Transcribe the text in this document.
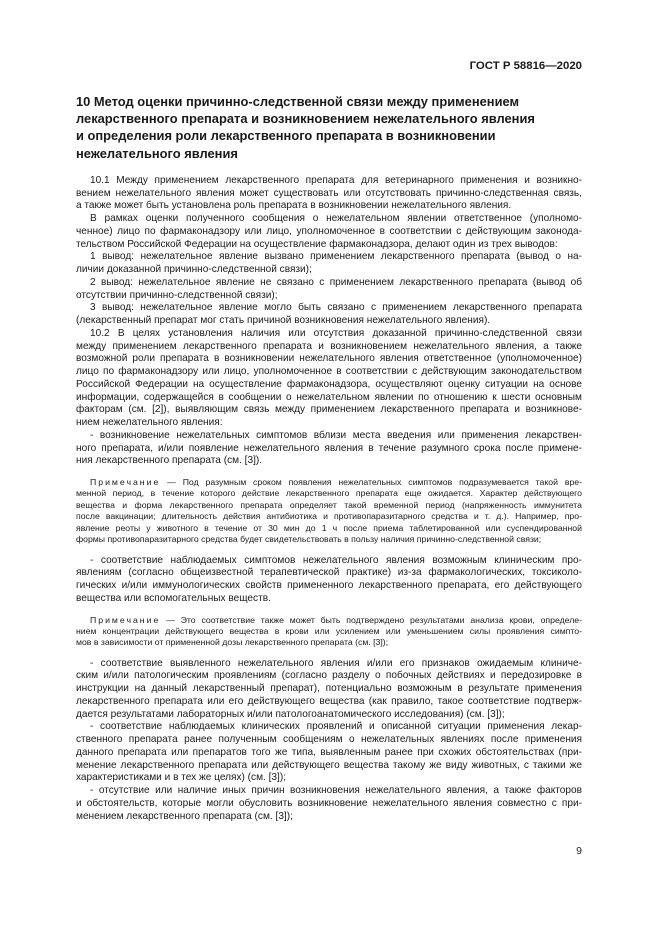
ГОСТ Р 58816—2020
10 Метод оценки причинно-следственной связи между применением
лекарственного препарата и возникновением нежелательного явления
и определения роли лекарственного препарата в возникновении
нежелательного явления
10.1 Между применением лекарственного препарата для ветеринарного применения и возникно-
вением нежелательного явления может существовать или отсутствовать причинно-следственная связь,
а также может быть установлена роль препарата в возникновении нежелательного явления.
В рамках оценки полученного сообщения о нежелательном явлении ответственное (уполномо-
ченное) лицо по фармаконадзору или лицо, уполномоченное в соответствии с действующим законода-
тельством Российской Федерации на осуществление фармаконадзора, делают один из трех выводов:
1 вывод: нежелательное явление вызвано применением лекарственного препарата (вывод о на-
личии доказанной причинно-следственной связи);
2 вывод: нежелательное явление не связано с применением лекарственного препарата (вывод об
отсутствии причинно-следственной связи);
3 вывод: нежелательное явление могло быть связано с применением лекарственного препарата
(лекарственный препарат мог стать причиной возникновения нежелательного явления).
10.2 В целях установления наличия или отсутствия доказанной причинно-следственной связи
между применением лекарственного препарата и возникновением нежелательного явления, а также
возможной роли препарата в возникновении нежелательного явления ответственное (уполномоченное)
лицо по фармаконадзору или лицо, уполномоченное в соответствии с действующим законодательством
Российской Федерации на осуществление фармаконадзора, осуществляют оценку ситуации на основе
информации, содержащейся в сообщении о нежелательном явлении по отношению к шести основным
факторам (см. [2]), выявляющим связь между применением лекарственного препарата и возникнове-
нием нежелательного явления:
- возникновение нежелательных симптомов вблизи места введения или применения лекарствен-
ного препарата, и/или появление нежелательного явления в течение разумного срока после примене-
ния лекарственного препарата (см. [3]).
Примечание — Под разумным сроком появления нежелательных симптомов подразумевается такой вре-
менной период, в течение которого действие лекарственного препарата еще ожидается. Характер действующего
вещества и форма лекарственного препарата определяет такой временной период (напряженность иммунитета
после вакцинации; длительность действия антибиотика и противопаразитарного средства и т. д.). Например, про-
явление реоты у животного в течение от 30 мин до 1 ч после приема таблетированной или суспендированной
формы противопаразитарного средства будет свидетельствовать в пользу наличия причинно-следственной связи;
- соответствие наблюдаемых симптомов нежелательного явления возможным клиническим про-
явлениям (согласно общеизвестной терапевтической практике) из-за фармакологических, токсиколо-
гических и/или иммунологических свойств примененного лекарственного препарата, его действующего
вещества или вспомогательных веществ.
Примечание — Это соответствие также может быть подтверждено результатами анализа крови, определе-
нием концентрации действующего вещества в крови или усилением или уменьшением силы проявления симпто-
мов в зависимости от примененной дозы лекарственного препарата (см. [3]);
- соответствие выявленного нежелательного явления и/или его признаков ожидаемым клиниче-
ским и/или патологическим проявлениям (согласно разделу о побочных действиях и передозировке в
инструкции на данный лекарственный препарат), потенциально возможным в результате применения
лекарственного препарата или его действующего вещества (как правило, такое соответствие подтверж-
дается результатами лабораторных и/или патологоанатомического исследования) (см. [3]);
- соответствие наблюдаемых клинических проявлений и описанной ситуации применения лекар-
ственного препарата ранее полученным сообщениям о нежелательных явлениях после применения
данного препарата или препаратов того же типа, выявленным ранее при схожих обстоятельствах (при-
менение лекарственного препарата или действующего вещества такому же виду животных, с такими же
характеристиками и в тех же целях) (см. [3]);
- отсутствие или наличие иных причин возникновения нежелательного явления, а также факторов
и обстоятельств, которые могли обусловить возникновение нежелательного явления совместно с при-
менением лекарственного препарата (см. [3]);
9
